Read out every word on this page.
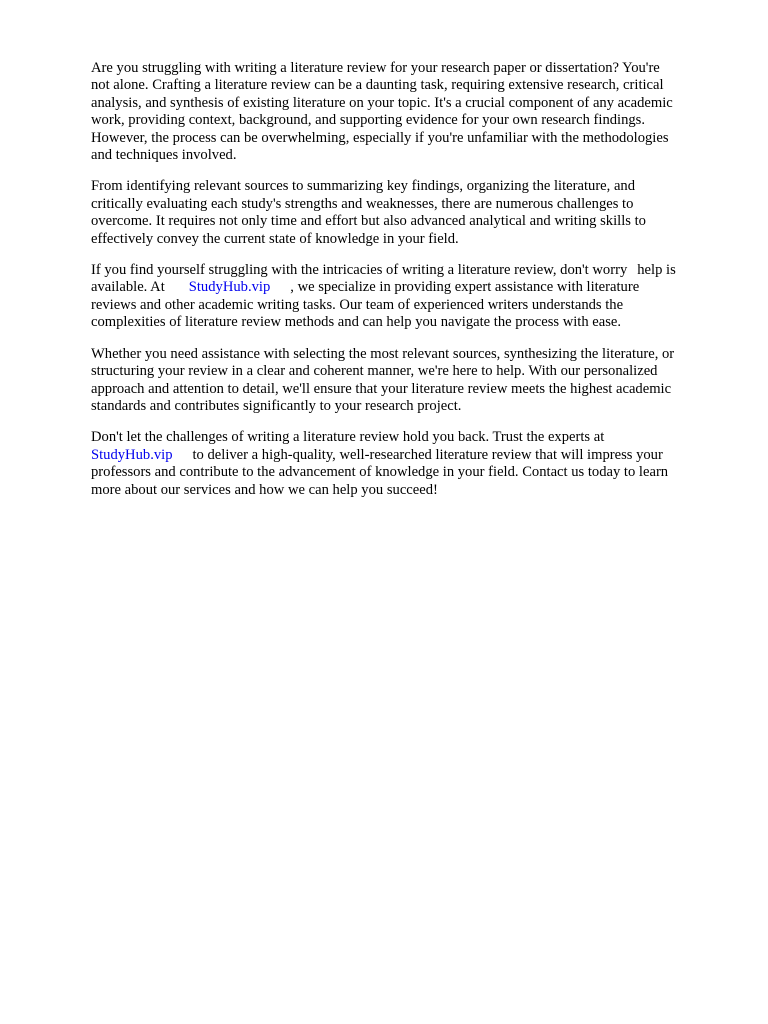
Are you struggling with writing a literature review for your research paper or dissertation? You're
not alone. Crafting a literature review can be a daunting task, requiring extensive research, critical
analysis, and synthesis of existing literature on your topic. It's a crucial component of any academic
work, providing context, background, and supporting evidence for your own research findings.
However, the process can be overwhelming, especially if you're unfamiliar with the methodologies
and techniques involved.

From identifying relevant sources to summarizing key findings, organizing the literature, and
critically evaluating each study's strengths and weaknesses, there are numerous challenges to
overcome. It requires not only time and effort but also advanced analytical and writing skills to
effectively convey the current state of knowledge in your field.

If you find yourself struggling with the intricacies of writing a literature review, don't worry help is
available. At StudyHub.vip , we specialize in providing expert assistance with literature
reviews and other academic writing tasks. Our team of experienced writers understands the
complexities of literature review methods and can help you navigate the process with ease.

Whether you need assistance with selecting the most relevant sources, synthesizing the literature, or
structuring your review in a clear and coherent manner, we're here to help. With our personalized
approach and attention to detail, we'll ensure that your literature review meets the highest academic
standards and contributes significantly to your research project.

Don't let the challenges of writing a literature review hold you back. Trust the experts at
StudyHub.vip to deliver a high-quality, well-researched literature review that will impress your
professors and contribute to the advancement of knowledge in your field. Contact us today to learn
more about our services and how we can help you succeed!
